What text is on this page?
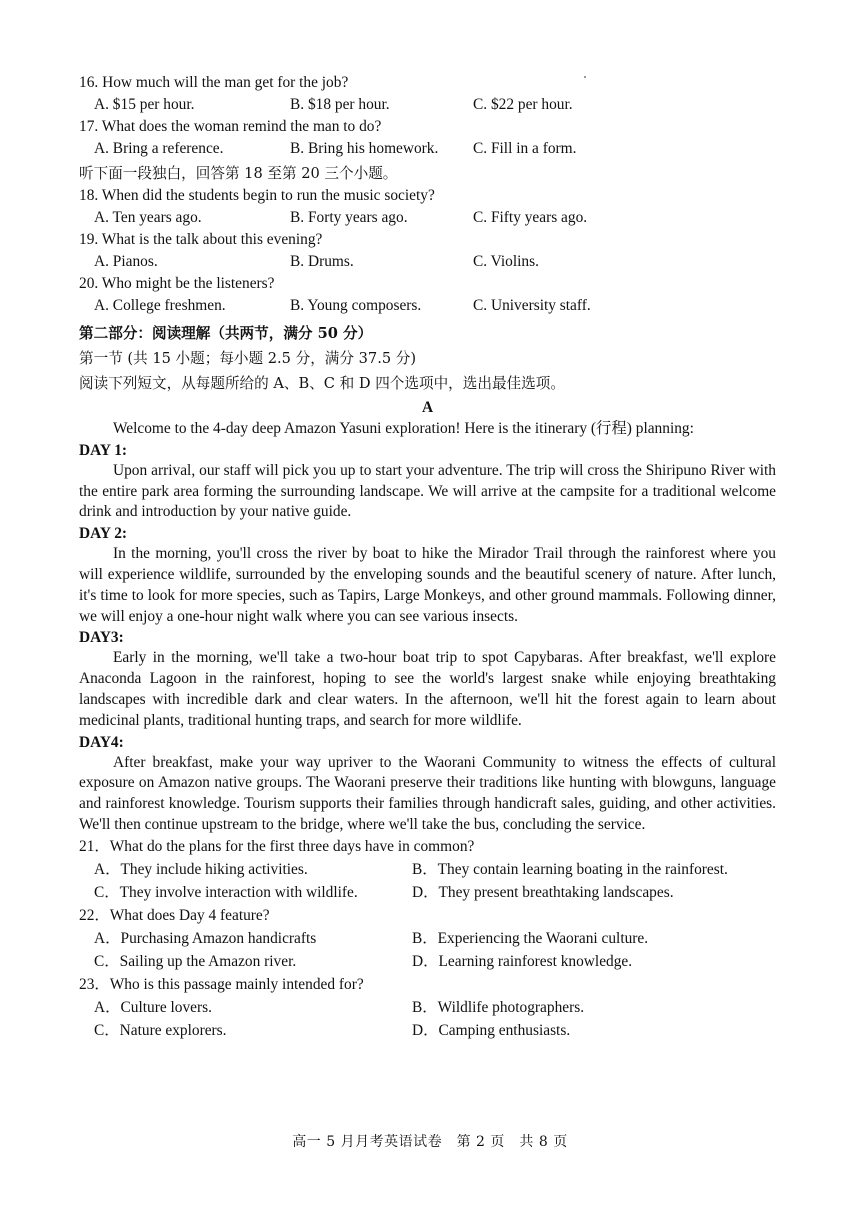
16. How much will the man get for the job?

A. $15 per hour.	B. $18 per hour.	C. $22 per hour.

17. What does the woman remind the man to do?

A. Bring a reference.	B. Bring his homework.	C. Fill in a form.

听下面一段独白，回答第 18 至第 20 三个小题。

18. When did the students begin to run the music society?

A. Ten years ago.	B. Forty years ago.	C. Fifty years ago.

19. What is the talk about this evening?

A. Pianos.	B. Drums.	C. Violins.

20. Who might be the listeners?

A. College freshmen.	B. Young composers.	C. University staff.

第二部分：阅读理解（共两节，满分 50 分）

第一节 (共 15 小题；每小题 2.5 分，满分 37.5 分)

阅读下列短文，从每题所给的 A、B、C 和 D 四个选项中，选出最佳选项。

A

Welcome to the 4-day deep Amazon Yasuni exploration! Here is the itinerary (行程) planning:

DAY 1:

Upon arrival, our staff will pick you up to start your adventure. The trip will cross the Shiripuno River with the entire park area forming the surrounding landscape. We will arrive at the campsite for a traditional welcome drink and introduction by your native guide.

DAY 2:

In the morning, you'll cross the river by boat to hike the Mirador Trail through the rainforest where you will experience wildlife, surrounded by the enveloping sounds and the beautiful scenery of nature. After lunch, it's time to look for more species, such as Tapirs, Large Monkeys, and other ground mammals. Following dinner, we will enjoy a one-hour night walk where you can see various insects.

DAY3:

Early in the morning, we'll take a two-hour boat trip to spot Capybaras. After breakfast, we'll explore Anaconda Lagoon in the rainforest, hoping to see the world's largest snake while enjoying breathtaking landscapes with incredible dark and clear waters. In the afternoon, we'll hit the forest again to learn about medicinal plants, traditional hunting traps, and search for more wildlife.

DAY4:

After breakfast, make your way upriver to the Waorani Community to witness the effects of cultural exposure on Amazon native groups. The Waorani preserve their traditions like hunting with blowguns, language and rainforest knowledge. Tourism supports their families through handicraft sales, guiding, and other activities. We'll then continue upstream to the bridge, where we'll take the bus, concluding the service.

21．What do the plans for the first three days have in common?

A．They include hiking activities.	B．They contain learning boating in the rainforest.
C．They involve interaction with wildlife.	D．They present breathtaking landscapes.

22．What does Day 4 feature?

A．Purchasing Amazon handicrafts	B．Experiencing the Waorani culture.
C．Sailing up the Amazon river.	D．Learning rainforest knowledge.

23．Who is this passage mainly intended for?

A．Culture lovers.	B．Wildlife photographers.
C．Nature explorers.	D．Camping enthusiasts.
高一 5 月月考英语试卷　第 2 页　共 8 页
